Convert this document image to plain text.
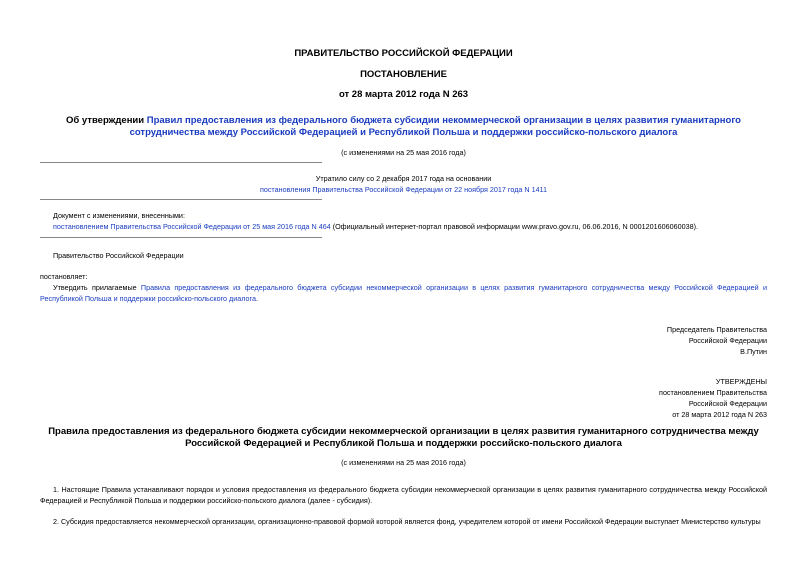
ПРАВИТЕЛЬСТВО РОССИЙСКОЙ ФЕДЕРАЦИИ
ПОСТАНОВЛЕНИЕ
от 28 марта 2012 года N 263
Об утверждении Правил предоставления из федерального бюджета субсидии некоммерческой организации в целях развития гуманитарного сотрудничества между Российской Федерацией и Республикой Польша и поддержки российско-польского диалога
(с изменениями на 25 мая 2016 года)
Утратило силу со 2 декабря 2017 года на основании
постановления Правительства Российской Федерации от 22 ноября 2017 года N 1411
Документ с изменениями, внесенными:
постановлением Правительства Российской Федерации от 25 мая 2016 года N 464 (Официальный интернет-портал правовой информации www.pravo.gov.ru, 06.06.2016, N 0001201606060038).
Правительство Российской Федерации
постановляет:
Утвердить прилагаемые Правила предоставления из федерального бюджета субсидии некоммерческой организации в целях развития гуманитарного сотрудничества между Российской Федерацией и Республикой Польша и поддержки российско-польского диалога.
Председатель Правительства
Российской Федерации
В.Путин
УТВЕРЖДЕНЫ
постановлением Правительства
Российской Федерации
от 28 марта 2012 года N 263
Правила предоставления из федерального бюджета субсидии некоммерческой организации в целях развития гуманитарного сотрудничества между Российской Федерацией и Республикой Польша и поддержки российско-польского диалога
(с изменениями на 25 мая 2016 года)
1. Настоящие Правила устанавливают порядок и условия предоставления из федерального бюджета субсидии некоммерческой организации в целях развития гуманитарного сотрудничества между Российской Федерацией и Республикой Польша и поддержки российско-польского диалога (далее - субсидия).
2. Субсидия предоставляется некоммерческой организации, организационно-правовой формой которой является фонд, учредителем которой от имени Российской Федерации выступает Министерство культуры
